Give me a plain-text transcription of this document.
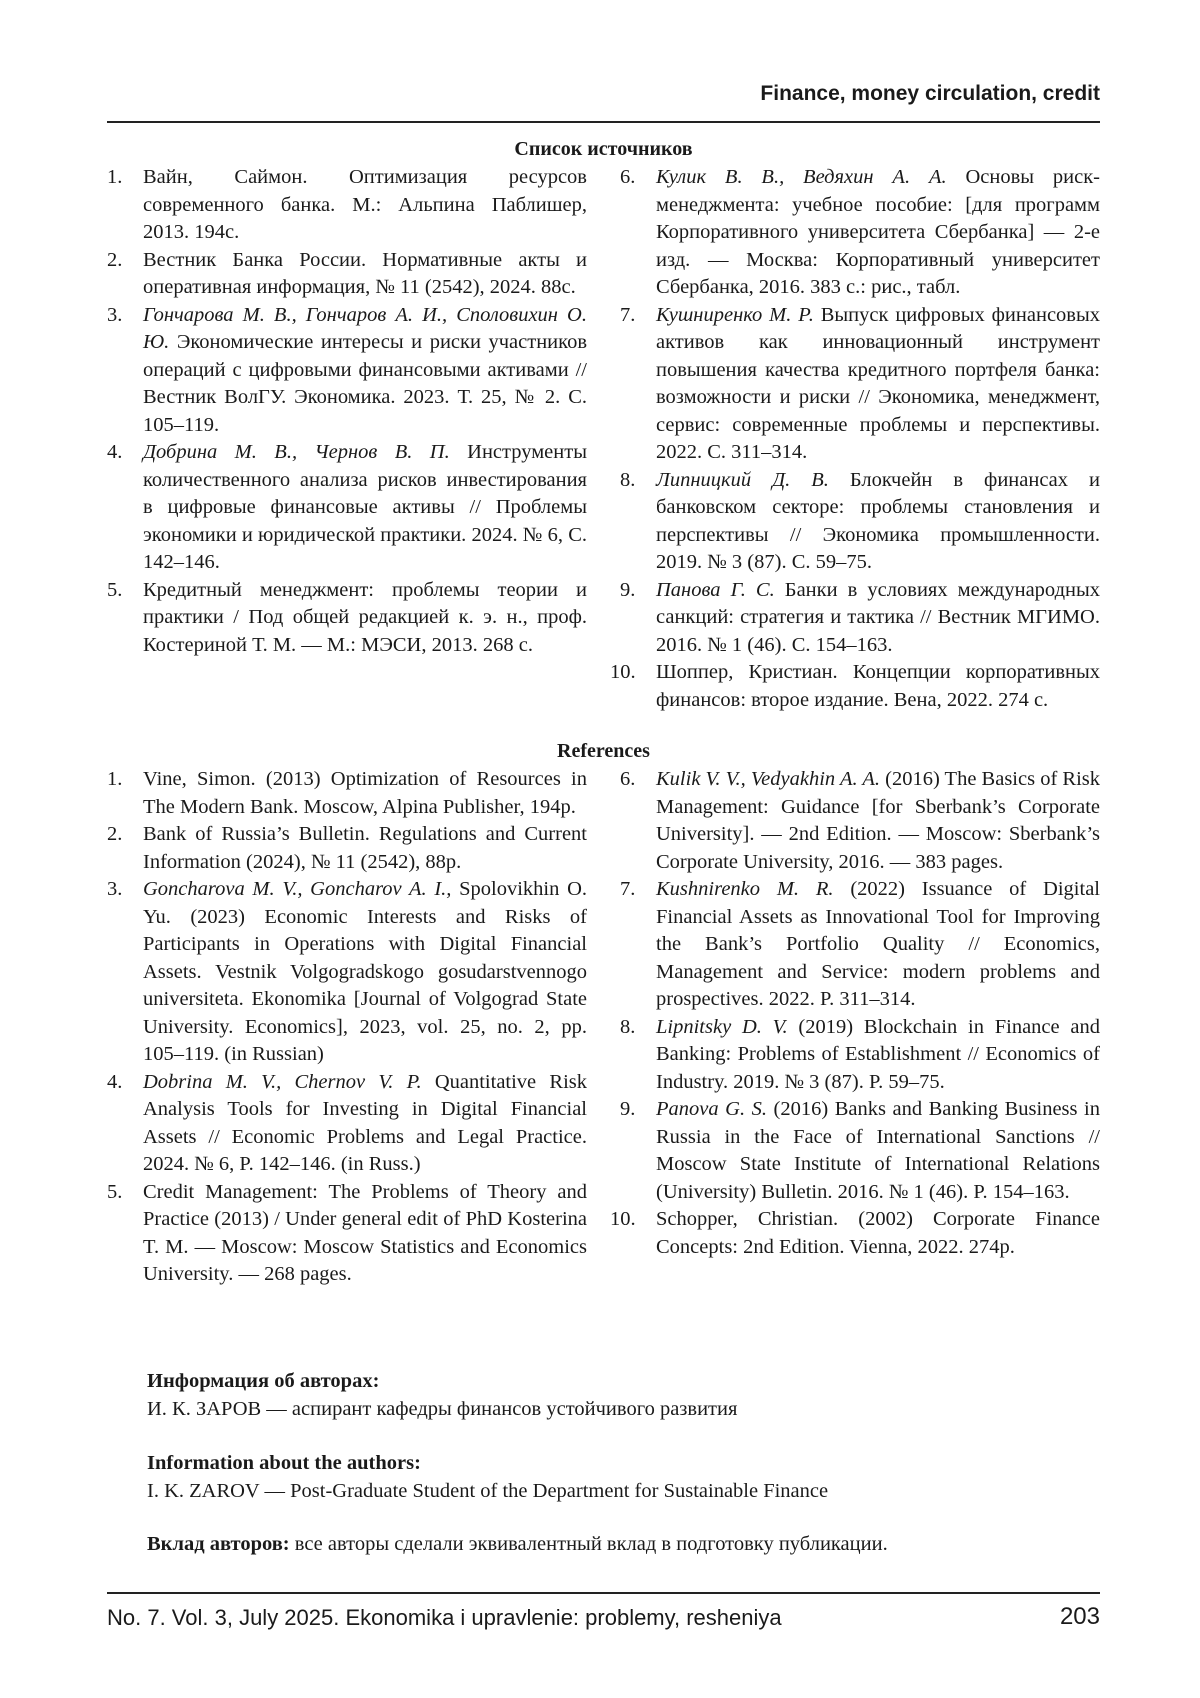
Finance, money circulation, credit
Список источников
1. Вайн, Саймон. Оптимизация ресурсов современного банка. М.: Альпина Паблишер, 2013. 194с.
2. Вестник Банка России. Нормативные акты и оперативная информация, № 11 (2542), 2024. 88с.
3. Гончарова М. В., Гончаров А. И., Споловихин О. Ю. Экономические интересы и риски участников операций с цифровыми финансовыми активами // Вестник ВолГУ. Экономика. 2023. Т. 25, № 2. С. 105–119.
4. Добрина М. В., Чернов В. П. Инструменты количественного анализа рисков инвестирования в цифровые финансовые активы // Проблемы экономики и юридической практики. 2024. № 6, С. 142–146.
5. Кредитный менеджмент: проблемы теории и практики / Под общей редакцией к. э. н., проф. Костериной Т. М. — М.: МЭСИ, 2013. 268 с.
6. Кулик В. В., Ведяхин А. А. Основы риск-менеджмента: учебное пособие: [для программ Корпоративного университета Сбербанка] — 2-е изд. — Москва: Корпоративный университет Сбербанка, 2016. 383 с.: рис., табл.
7. Кушниренко М. Р. Выпуск цифровых финансовых активов как инновационный инструмент повышения качества кредитного портфеля банка: возможности и риски // Экономика, менеджмент, сервис: современные проблемы и перспективы. 2022. С. 311–314.
8. Липницкий Д. В. Блокчейн в финансах и банковском секторе: проблемы становления и перспективы // Экономика промышленности. 2019. № 3 (87). С. 59–75.
9. Панова Г. С. Банки в условиях международных санкций: стратегия и тактика // Вестник МГИМО. 2016. № 1 (46). С. 154–163.
10. Шоппер, Кристиан. Концепции корпоративных финансов: второе издание. Вена, 2022. 274 с.
References
1. Vine, Simon. (2013) Optimization of Resources in The Modern Bank. Moscow, Alpina Publisher, 194p.
2. Bank of Russia’s Bulletin. Regulations and Current Information (2024), № 11 (2542), 88p.
3. Goncharova M. V., Goncharov A. I., Spolovikhin O. Yu. (2023) Economic Interests and Risks of Participants in Operations with Digital Financial Assets. Vestnik Volgogradskogo gosudarstvennogo universiteta. Ekonomika [Journal of Volgograd State University. Economics], 2023, vol. 25, no. 2, pp. 105–119. (in Russian)
4. Dobrina M. V., Chernov V. P. Quantitative Risk Analysis Tools for Investing in Digital Financial Assets // Economic Problems and Legal Practice. 2024. № 6, P. 142–146. (in Russ.)
5. Credit Management: The Problems of Theory and Practice (2013) / Under general edit of PhD Kosterina T. M. — Moscow: Moscow Statistics and Economics University. — 268 pages.
6. Kulik V. V., Vedyakhin A. A. (2016) The Basics of Risk Management: Guidance [for Sberbank’s Corporate University]. — 2nd Edition. — Moscow: Sberbank’s Corporate University, 2016. — 383 pages.
7. Kushnirenko M. R. (2022) Issuance of Digital Financial Assets as Innovational Tool for Improving the Bank’s Portfolio Quality // Economics, Management and Service: modern problems and prospectives. 2022. P. 311–314.
8. Lipnitsky D. V. (2019) Blockchain in Finance and Banking: Problems of Establishment // Economics of Industry. 2019. № 3 (87). P. 59–75.
9. Panova G. S. (2016) Banks and Banking Business in Russia in the Face of International Sanctions // Moscow State Institute of International Relations (University) Bulletin. 2016. № 1 (46). P. 154–163.
10. Schopper, Christian. (2002) Corporate Finance Concepts: 2nd Edition. Vienna, 2022. 274p.
Информация об авторах:
И. К. ЗАРОВ — аспирант кафедры финансов устойчивого развития
Information about the authors:
I. K. ZAROV — Post-Graduate Student of the Department for Sustainable Finance
Вклад авторов: все авторы сделали эквивалентный вклад в подготовку публикации.
No. 7. Vol. 3, July 2025. Ekonomika i upravlenie: problemy, resheniya	203
